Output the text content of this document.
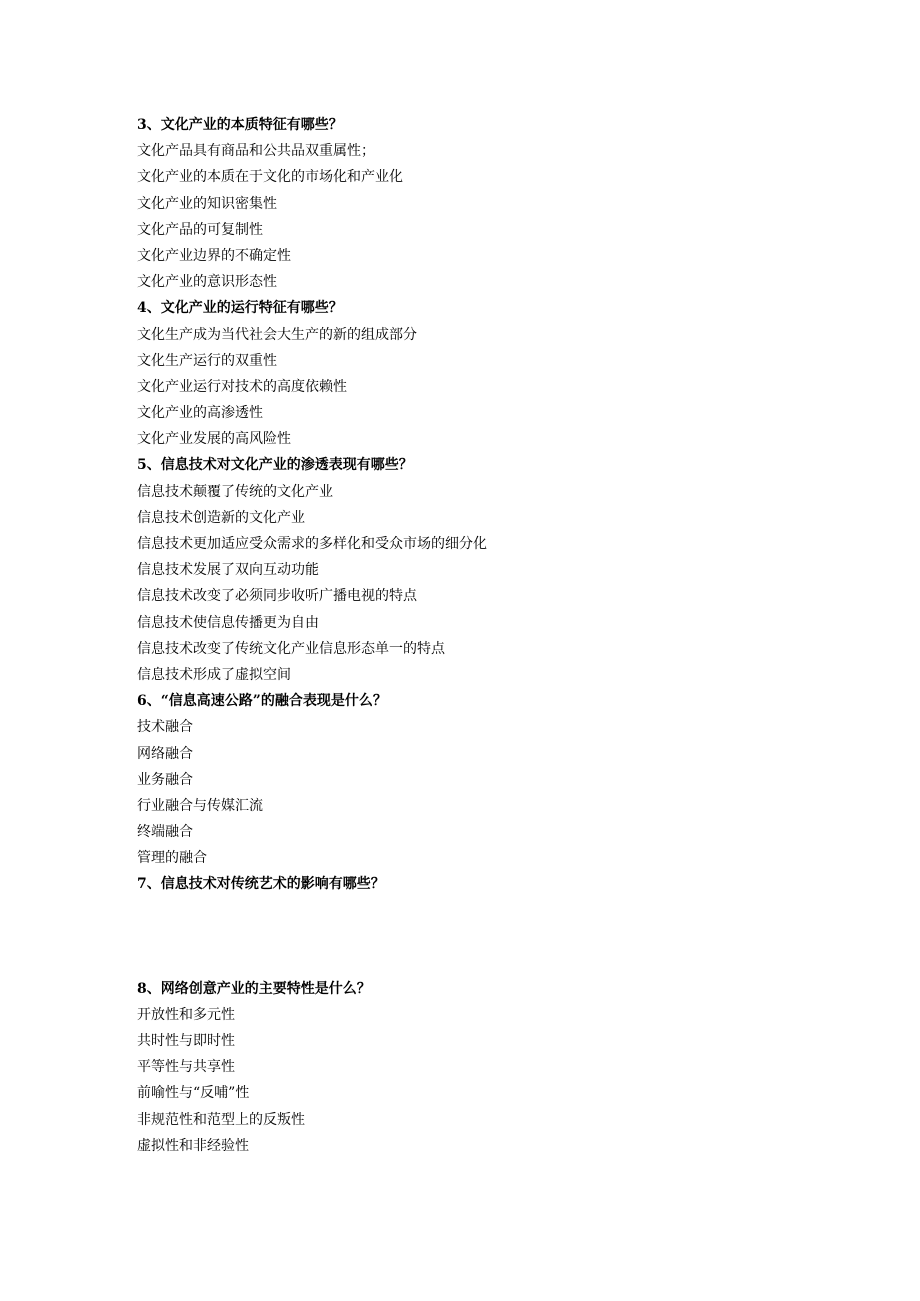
3、文化产业的本质特征有哪些？
文化产品具有商品和公共品双重属性；
文化产业的本质在于文化的市场化和产业化
文化产业的知识密集性
文化产品的可复制性
文化产业边界的不确定性
文化产业的意识形态性
4、文化产业的运行特征有哪些？
文化生产成为当代社会大生产的新的组成部分
文化生产运行的双重性
文化产业运行对技术的高度依赖性
文化产业的高渗透性
文化产业发展的高风险性
5、信息技术对文化产业的渗透表现有哪些？
信息技术颠覆了传统的文化产业
信息技术创造新的文化产业
信息技术更加适应受众需求的多样化和受众市场的细分化
信息技术发展了双向互动功能
信息技术改变了必须同步收听广播电视的特点
信息技术使信息传播更为自由
信息技术改变了传统文化产业信息形态单一的特点
信息技术形成了虚拟空间
6、“信息高速公路”的融合表现是什么？
技术融合
网络融合
业务融合
行业融合与传媒汇流
终端融合
管理的融合
7、信息技术对传统艺术的影响有哪些？
8、网络创意产业的主要特性是什么？
开放性和多元性
共时性与即时性
平等性与共享性
前喻性与“反哺”性
非规范性和范型上的反叛性
虚拟性和非经验性
